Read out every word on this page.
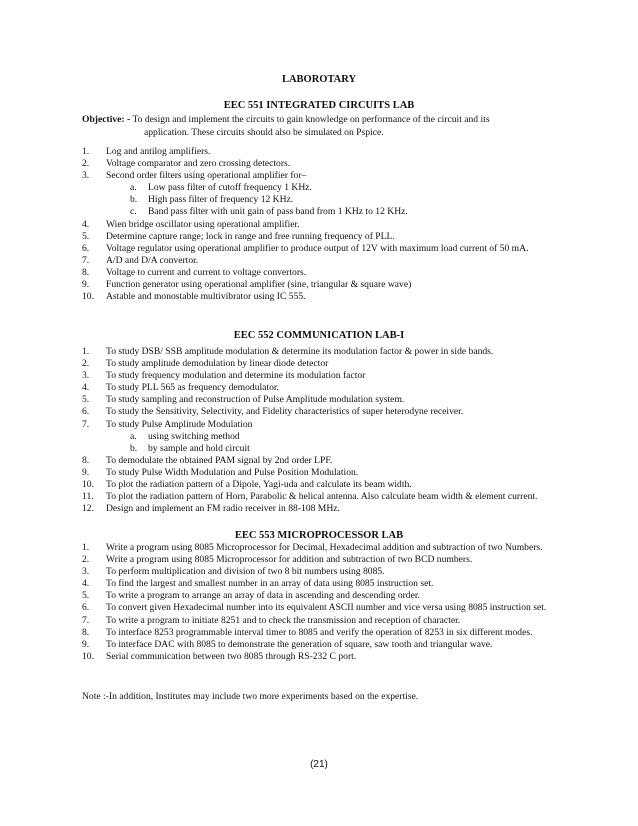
LABOROTARY
EEC 551 INTEGRATED CIRCUITS LAB
Objective: - To design and implement the circuits to gain knowledge on performance of the circuit and its
application. These circuits should also be simulated on Pspice.
1. Log and antilog amplifiers.
2. Voltage comparator and zero crossing detectors.
3. Second order filters using operational amplifier for–
a. Low pass filter of cutoff frequency 1 KHz.
b. High pass filter of frequency 12 KHz.
c. Band pass filter with unit gain of pass band from 1 KHz to 12 KHz.
4. Wien bridge oscillator using operational amplifier.
5. Determine capture range; lock in range and free running frequency of PLL.
6. Voltage regulator using operational amplifier to produce output of 12V with maximum load current of 50 mA.
7. A/D and D/A convertor.
8. Voltage to current and current to voltage convertors.
9. Function generator using operational amplifier (sine, triangular & square wave)
10. Astable and monostable multivibrator using IC 555.
EEC 552 COMMUNICATION LAB-I
1. To study DSB/ SSB amplitude modulation & determine its modulation factor & power in side bands.
2. To study amplitude demodulation by linear diode detector
3. To study frequency modulation and determine its modulation factor
4. To study PLL 565 as frequency demodulator.
5. To study sampling and reconstruction of Pulse Amplitude modulation system.
6. To study the Sensitivity, Selectivity, and Fidelity characteristics of super heterodyne receiver.
7. To study Pulse Amplitude Modulation
a. using switching method
b. by sample and hold circuit
8. To demodulate the obtained PAM signal by 2nd order LPF.
9. To study Pulse Width Modulation and Pulse Position Modulation.
10. To plot the radiation pattern of a Dipole, Yagi-uda and calculate its beam width.
11. To plot the radiation pattern of Horn, Parabolic & helical antenna. Also calculate beam width & element current.
12. Design and implement an FM radio receiver in 88-108 MHz.
EEC 553 MICROPROCESSOR LAB
1. Write a program using 8085 Microprocessor for Decimal, Hexadecimal addition and subtraction of two Numbers.
2. Write a program using 8085 Microprocessor for addition and subtraction of two BCD numbers.
3. To perform multiplication and division of two 8 bit numbers using 8085.
4. To find the largest and smallest number in an array of data using 8085 instruction set.
5. To write a program to arrange an array of data in ascending and descending order.
6. To convert given Hexadecimal number into its equivalent ASCII number and vice versa using 8085 instruction set.
7. To write a program to initiate 8251 and to check the transmission and reception of character.
8. To interface 8253 programmable interval timer to 8085 and verify the operation of 8253 in six different modes.
9. To interface DAC with 8085 to demonstrate the generation of square, saw tooth and triangular wave.
10. Serial communication between two 8085 through RS-232 C port.
Note :-In addition, Institutes may include two more experiments based on the expertise.
(21)
